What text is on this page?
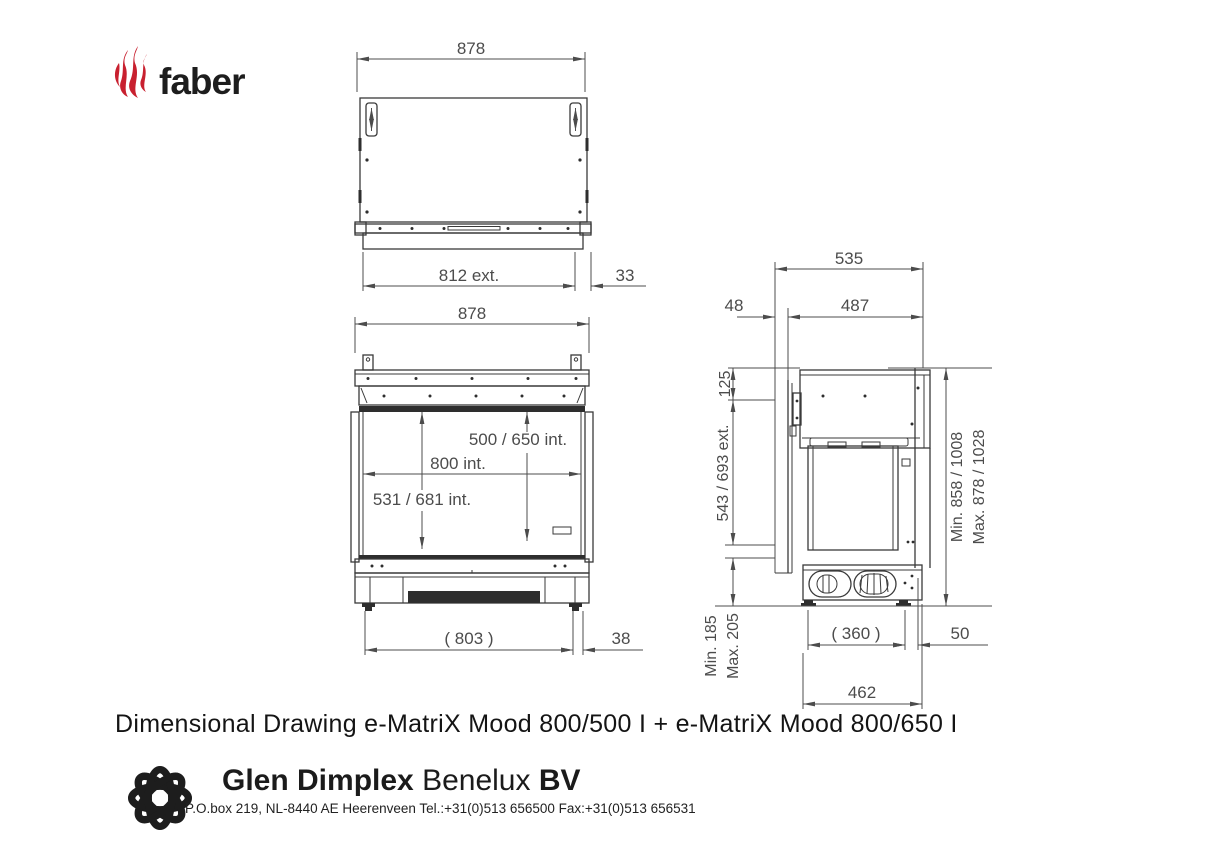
faber
878
812 ext.	33
878
500 / 650 int.
800 int.
531 / 681 int.
( 803 )	38
535
48	487
125
543 / 693 ext.
Min. 185 Max. 205
Min. 858 / 1008 Max. 878 / 1028
( 360 )	50
462
Dimensional Drawing e-MatriX Mood 800/500 I + e-MatriX Mood 800/650 I
Glen Dimplex Benelux BV
P.O.box 219, NL-8440 AE Heerenveen Tel.:+31(0)513 656500 Fax:+31(0)513 656531
